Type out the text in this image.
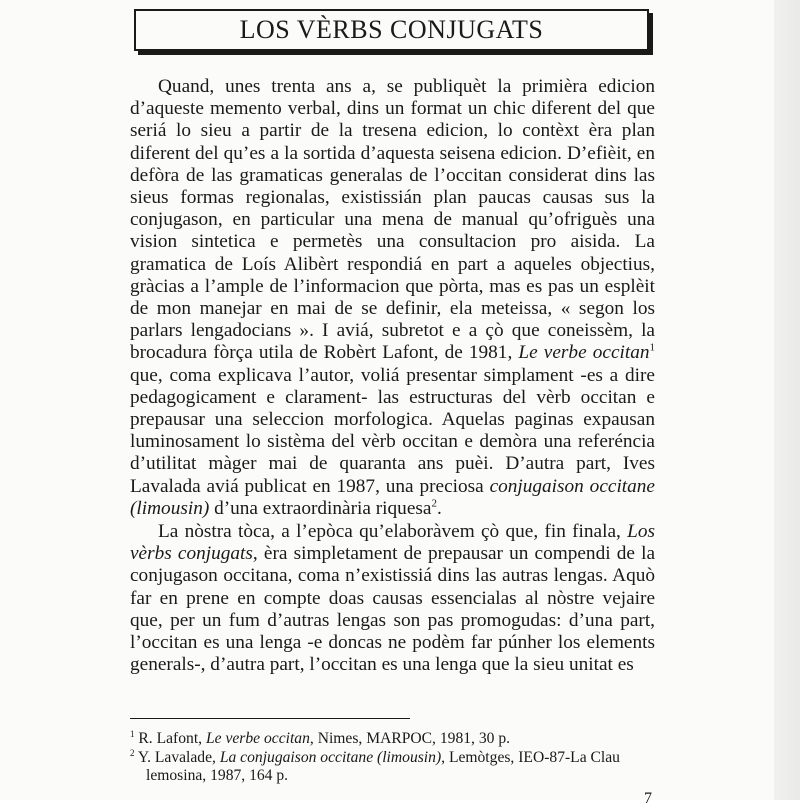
LOS VÈRBS CONJUGATS

Quand, unes trenta ans a, se publiquèt la primièra edicion d’aqueste memento verbal, dins un format un chic diferent del que seriá lo sieu a partir de la tresena edicion, lo contèxt èra plan diferent del qu’es a la sortida d’aquesta seisena edicion. D’efièit, en defòra de las gramaticas generalas de l’occitan considerat dins las sieus formas regionalas, existissián plan paucas causas sus la conjugason, en particular una mena de manual qu’ofriguès una vision sintetica e permetès una consultacion pro aisida. La gramatica de Loís Alibèrt respondiá en part a aqueles objectius, gràcias a l’ample de l’informacion que pòrta, mas es pas un esplèit de mon manejar en mai de se definir, ela meteissa, « segon los parlars lengadocians ». I aviá, subretot e a çò que coneissèm, la brocadura fòrça utila de Robèrt Lafont, de 1981, Le verbe occitan$^1$ que, coma explicava l’autor, voliá presentar simplament -es a dire pedagogicament e clarament- las estructuras del vèrb occitan e prepausar una seleccion morfologica. Aquelas paginas expausan luminosament lo sistèma del vèrb occitan e demòra una referéncia d’utilitat màger mai de quaranta ans puèi. D’autra part, Ives Lavalada aviá publicat en 1987, una preciosa conjugaison occitane (limousin) d’una extraordinària riquesa$^2$.

La nòstra tòca, a l’epòca qu’elaboràvem çò que, fin finala, Los vèrbs conjugats, èra simpletament de prepausar un compendi de la conjugason occitana, coma n’existissiá dins las autras lengas. Aquò far en prene en compte doas causas essencialas al nòstre vejaire que, per un fum d’autras lengas son pas promogudas: d’una part, l’occitan es una lenga -e doncas ne podèm far púnher los elements generals-, d’autra part, l’occitan es una lenga que la sieu unitat es

$^1$ R. Lafont, Le verbe occitan, Nimes, MARPOC, 1981, 30 p.

$^2$ Y. Lavalade, La conjugaison occitane (limousin), Lemòtges, IEO-87-La Clau lemosina, 1987, 164 p.

7
